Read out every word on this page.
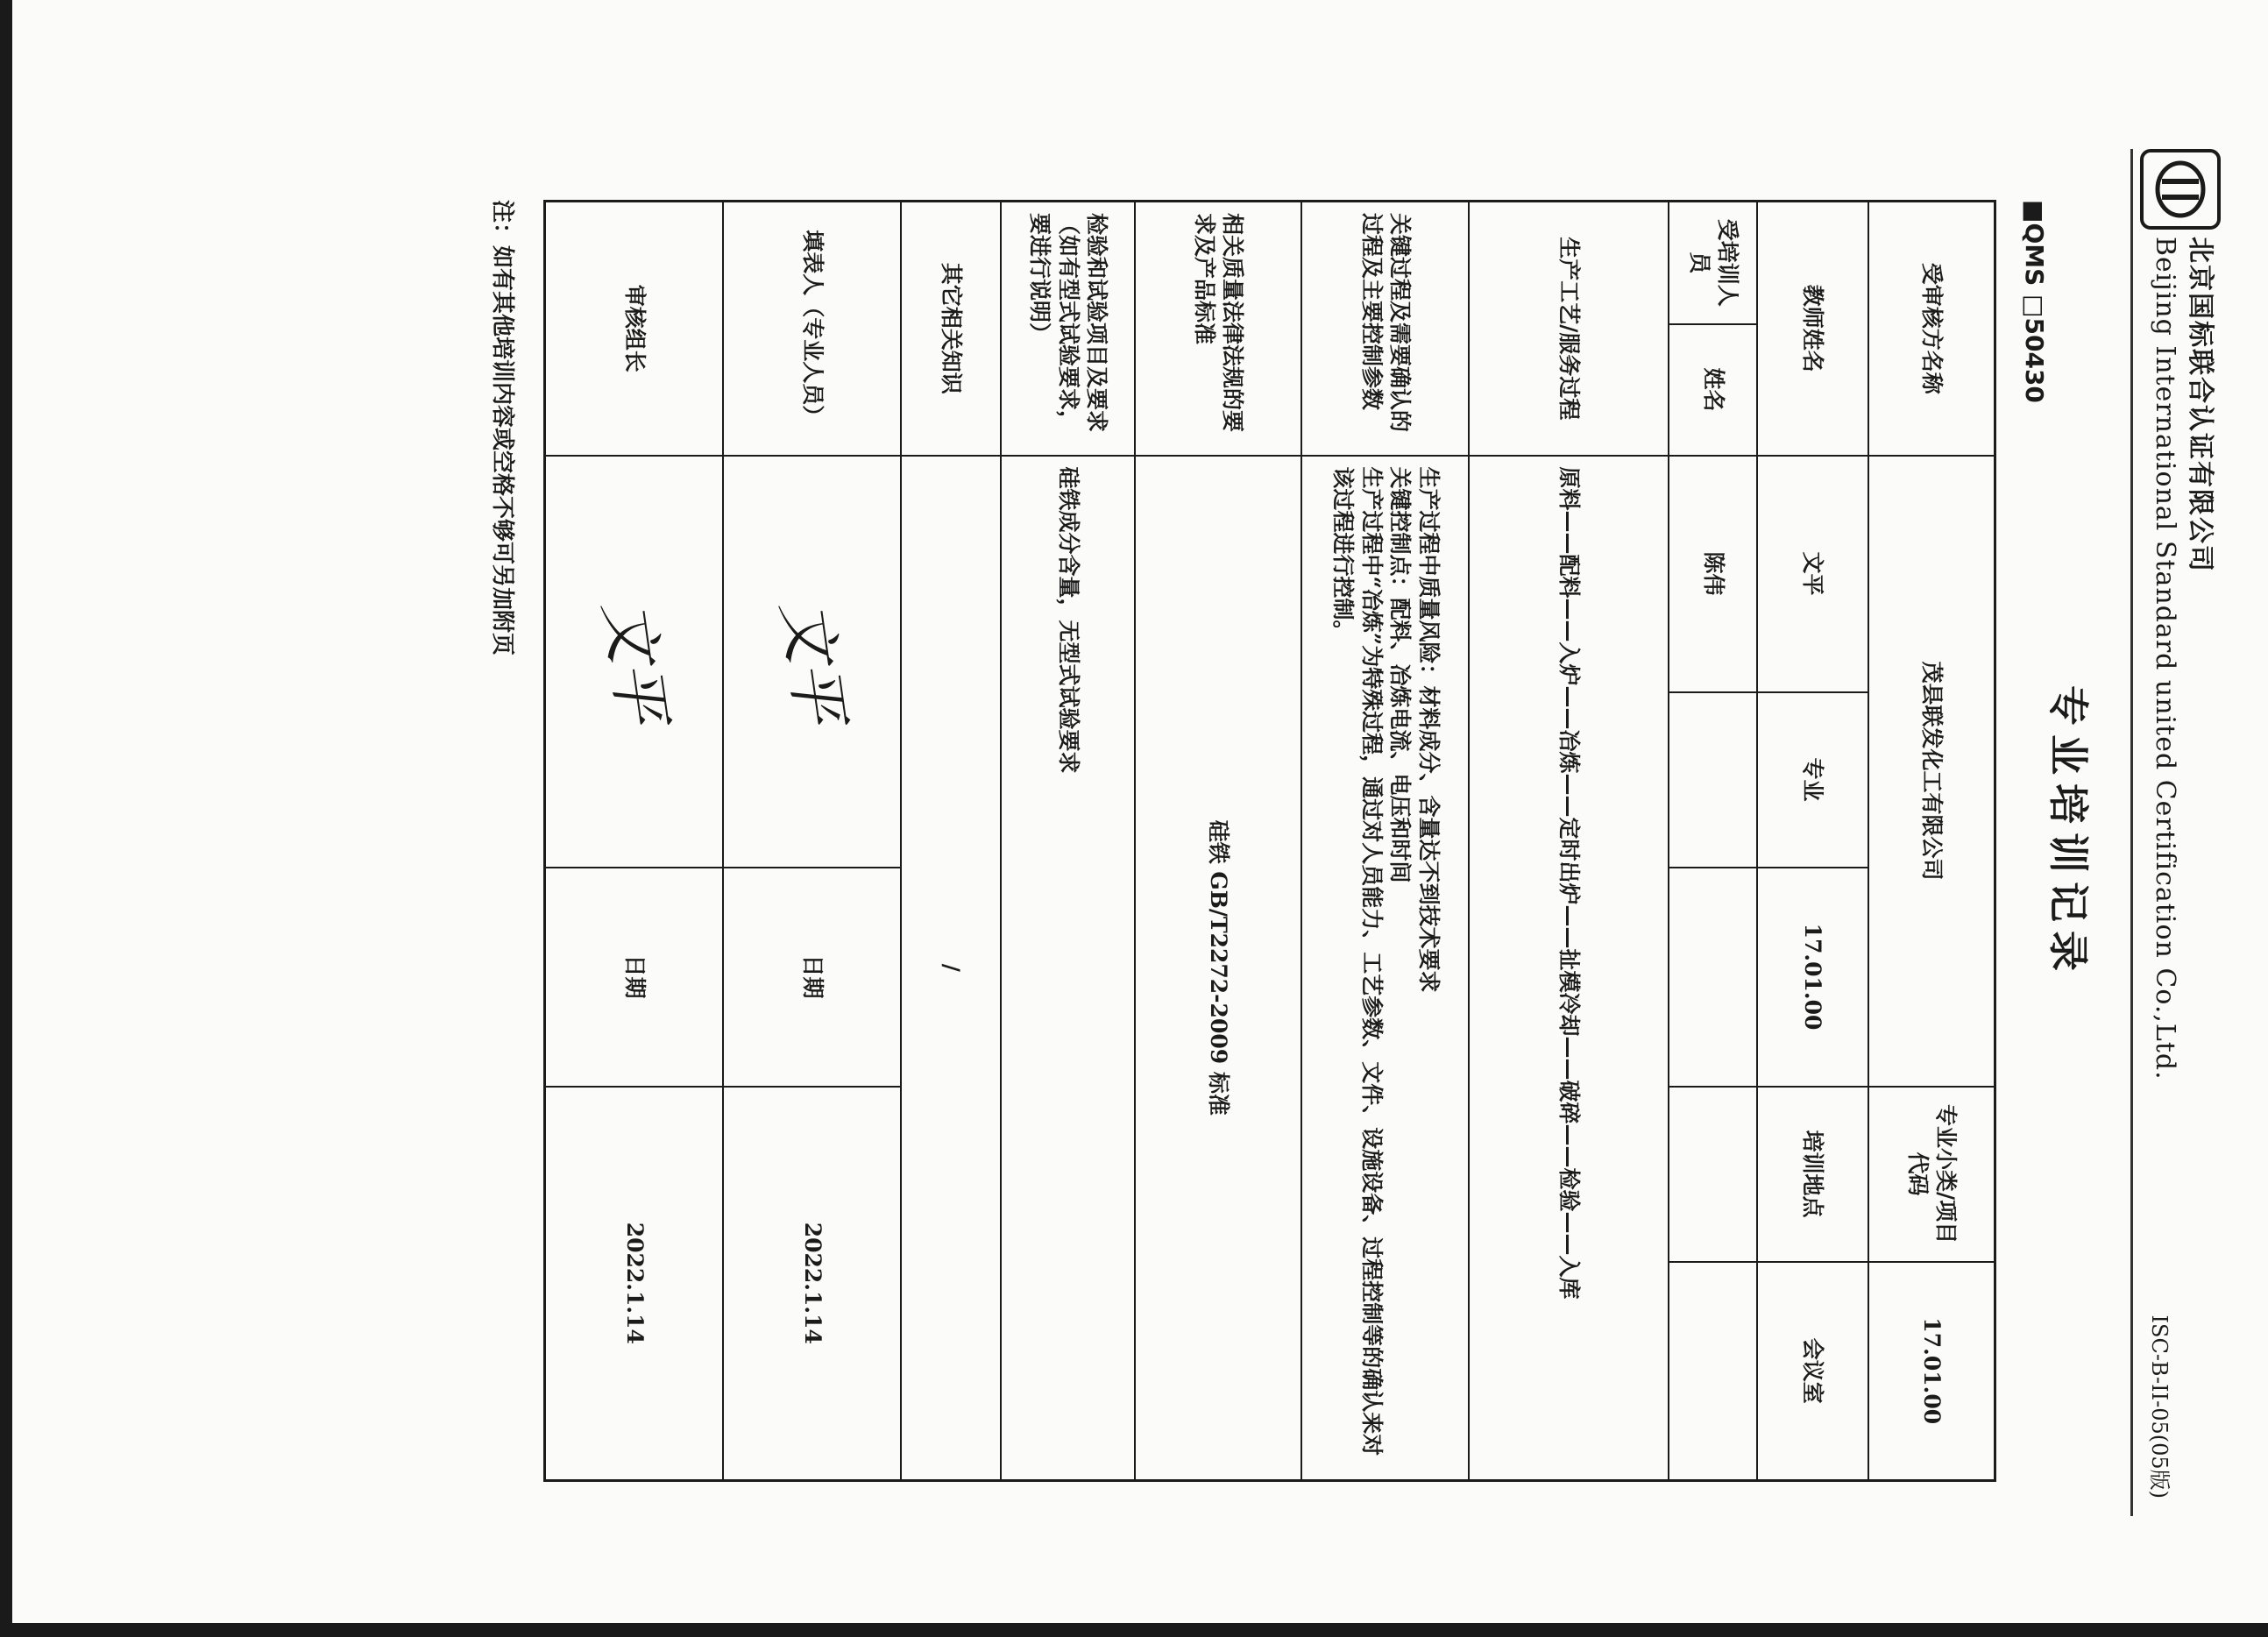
北京国标联合认证有限公司
Beijing International Standard united Certification Co.,Ltd.
ISC-B-II-05(05版)
专业培训记录
■QMS □50430
受审核方名称		茂县联发化工有限公司			专业小类/项目代码	17.01.00
教师姓名		文平	专业	17.01.00	培训地点	会议室
受培训人员	姓名	陈伟				
生产工艺/服务过程		原料——配料——入炉——冶炼——定时出炉——扯模冷却——破碎——检验——入库				
关键过程及需要确认的过程及主要控制参数		生产过程中质量风险：材料成分、含量达不到技术要求
关键控制点：配料、冶炼电流、电压和时间
生产过程中“冶炼”为特殊过程，通过对人员能力、工艺参数、文件、设施设备、过程控制等的确认来对该过程进行控制。				
相关质量法律法规的要求及产品标准		硅铁 GB/T2272-2009 标准				
检验和试验项目及要求（如有型式试验要求，要进行说明）		硅铁成分含量，无型式试验要求				
其它相关知识		/				
填表人（专业人员）		文平		日期	2022.1.14	
审核组长		文平		日期	2022.1.14	
注：如有其他培训内容或空格不够可另加附页
